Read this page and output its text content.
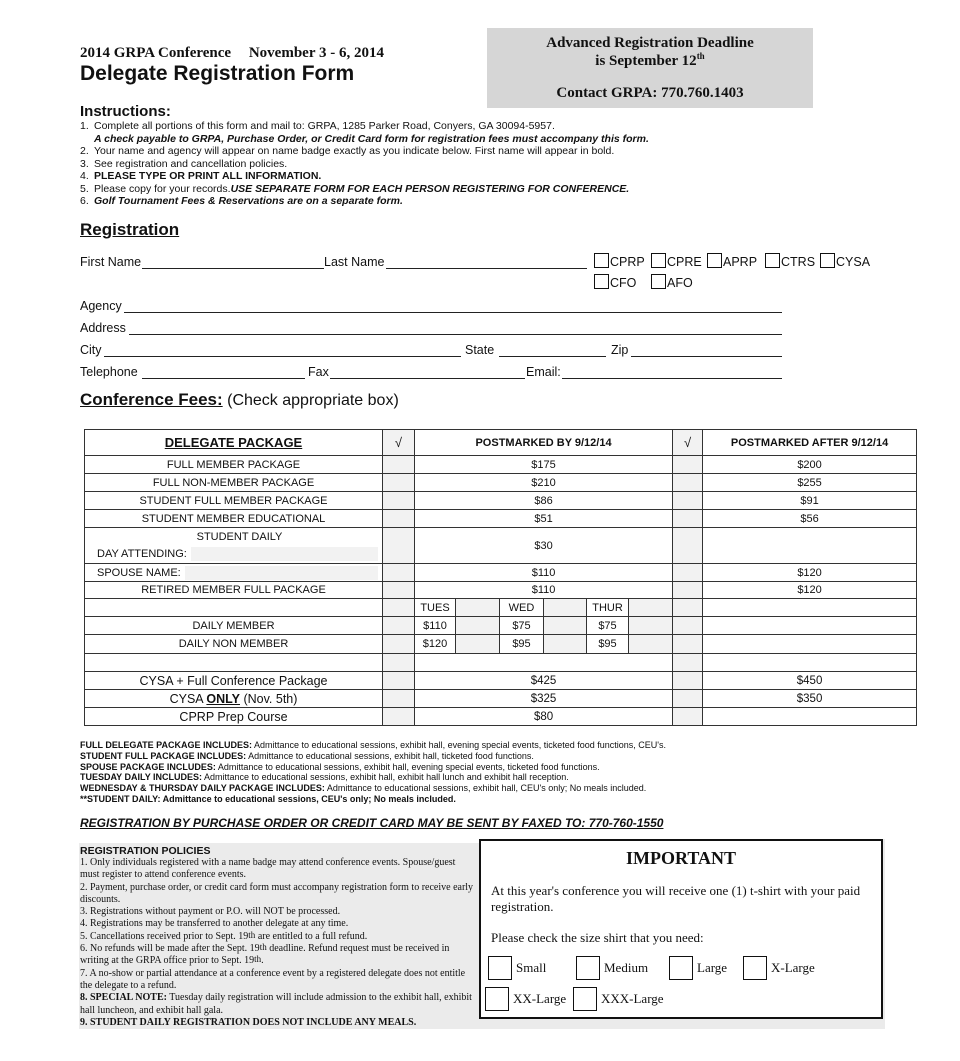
2014 GRPA Conference November 3 - 6, 2014
Delegate Registration Form
Advanced Registration Deadline
is September 12th
Contact GRPA: 770.760.1403
Instructions:
1. Complete all portions of this form and mail to: GRPA, 1285 Parker Road, Conyers, GA 30094-5957.
A check payable to GRPA, Purchase Order, or Credit Card form for registration fees must accompany this form.
2. Your name and agency will appear on name badge exactly as you indicate below. First name will appear in bold.
3. See registration and cancellation policies.
4. PLEASE TYPE OR PRINT ALL INFORMATION.
5. Please copy for your records. USE SEPARATE FORM FOR EACH PERSON REGISTERING FOR CONFERENCE.
6. Golf Tournament Fees & Reservations are on a separate form.
Registration
First Name	Last Name	CPRP CPRE APRP CTRS CYSA
CFO AFO
Agency
Address
City	State	Zip
Telephone	Fax	Email:
Conference Fees: (Check appropriate box)
DELEGATE PACKAGE	√	POSTMARKED BY 9/12/14						√	POSTMARKED AFTER 9/12/14
FULL MEMBER PACKAGE		$175							$200
FULL NON-MEMBER PACKAGE		$210							$255
STUDENT FULL MEMBER PACKAGE		$86							$91
STUDENT MEMBER EDUCATIONAL		$51							$56

STUDENT DAILY
DAY ATTENDING:		$30							

SPOUSE NAME:		$110							$120
RETIRED MEMBER FULL PACKAGE		$110							$120
		TUES		WED		THUR			
DAILY MEMBER		$110		$75		$75			
DAILY NON MEMBER		$120		$95		$95			

CYSA + Full Conference Package		$425							$450
CYSA ONLY (Nov. 5th)		$325							$350
CPRP Prep Course		$80							
FULL DELEGATE PACKAGE INCLUDES: Admittance to educational sessions, exhibit hall, evening special events, ticketed food functions, CEU's.
STUDENT FULL PACKAGE INCLUDES: Admittance to educational sessions, exhibit hall, ticketed food functions.
SPOUSE PACKAGE INCLUDES: Admittance to educational sessions, exhibit hall, evening special events, ticketed food functions.
TUESDAY DAILY INCLUDES: Admittance to educational sessions, exhibit hall, exhibit hall lunch and exhibit hall reception.
WEDNESDAY & THURSDAY DAILY PACKAGE INCLUDES: Admittance to educational sessions, exhibit hall, CEU's only; No meals included.
**STUDENT DAILY: Admittance to educational sessions, CEU's only; No meals included.
REGISTRATION BY PURCHASE ORDER OR CREDIT CARD MAY BE SENT BY FAXED TO: 770-760-1550
REGISTRATION POLICIES
1. Only individuals registered with a name badge may attend conference events. Spouse/guest must register to attend conference events.
2. Payment, purchase order, or credit card form must accompany registration form to receive early discounts.
3. Registrations without payment or P.O. will NOT be processed.
4. Registrations may be transferred to another delegate at any time.
5. Cancellations received prior to Sept. 19th are entitled to a full refund.
6. No refunds will be made after the Sept. 19th deadline. Refund request must be received in writing at the GRPA office prior to Sept. 19th.
7. A no-show or partial attendance at a conference event by a registered delegate does not entitle the delegate to a refund.
8. SPECIAL NOTE: Tuesday daily registration will include admission to the exhibit hall, exhibit hall luncheon, and exhibit hall gala.
9. STUDENT DAILY REGISTRATION DOES NOT INCLUDE ANY MEALS.
IMPORTANT
At this year's conference you will receive one (1) t-shirt with your paid registration.
Please check the size shirt that you need:
Small	Medium	Large	X-Large
XX-Large	XXX-Large
